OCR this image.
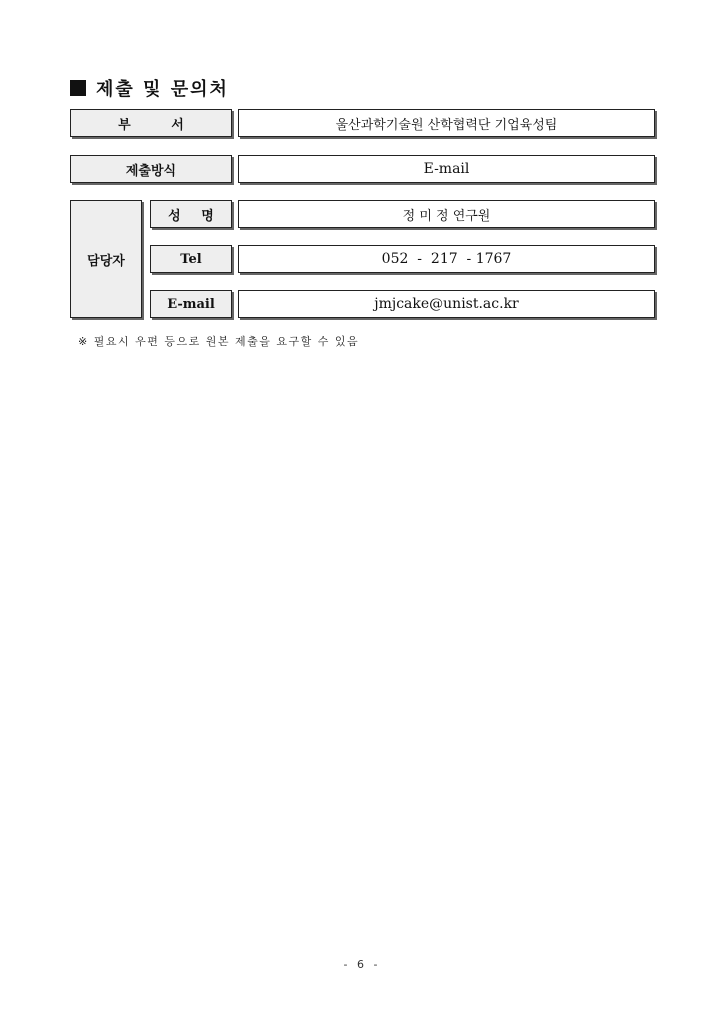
제출 및 문의처
부 서	울산과학기술원 산학협력단 기업육성팀
제출방식	E-mail
담당자
성 명	정 미 정 연구원
Tel	052  -  217  - 1767
E-mail	jmjcake@unist.ac.kr
※ 필요시 우편 등으로 원본 제출을 요구할 수 있음
- 6 -
